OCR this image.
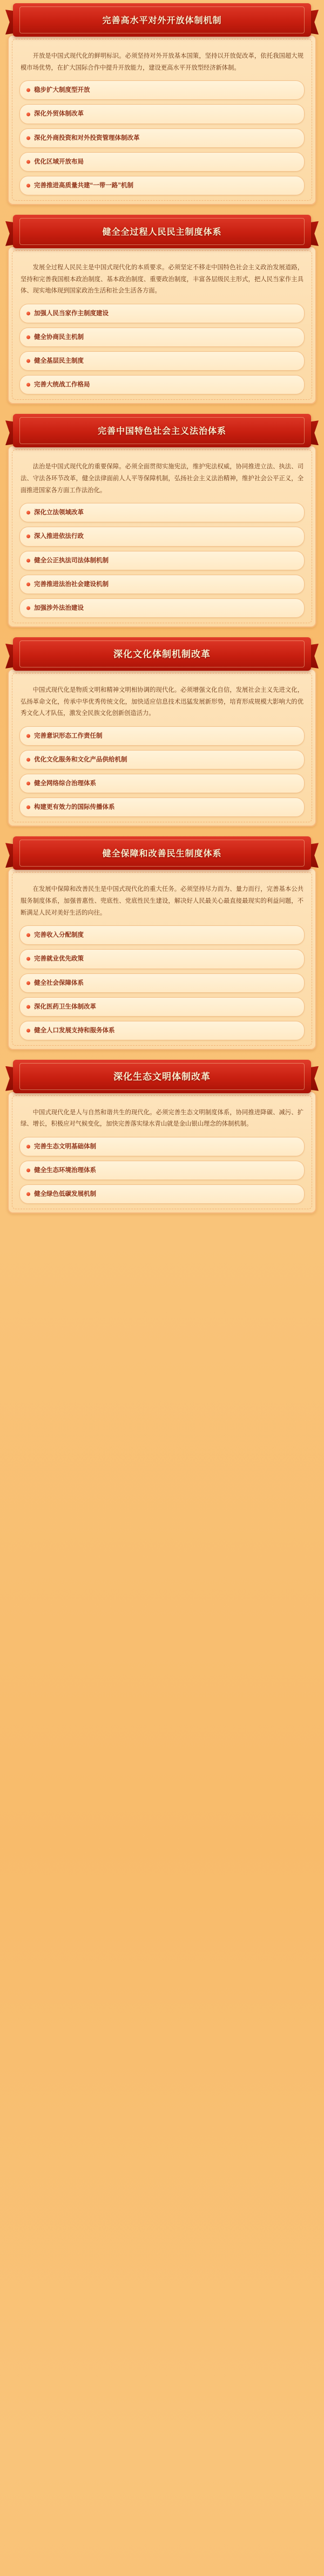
完善高水平对外开放体制机制

开放是中国式现代化的鲜明标识。必须坚持对外开放基本国策，坚持以开放促改革，依托我国超大规模市场优势，在扩大国际合作中提升开放能力，建设更高水平开放型经济新体制。

稳步扩大制度型开放
深化外贸体制改革
深化外商投资和对外投资管理体制改革
优化区域开放布局
完善推进高质量共建“一带一路”机制
健全全过程人民民主制度体系

发展全过程人民民主是中国式现代化的本质要求。必须坚定不移走中国特色社会主义政治发展道路，坚持和完善我国根本政治制度、基本政治制度、重要政治制度，丰富各层级民主形式，把人民当家作主具体、现实地体现到国家政治生活和社会生活各方面。

加强人民当家作主制度建设
健全协商民主机制
健全基层民主制度
完善大统战工作格局
完善中国特色社会主义法治体系

法治是中国式现代化的重要保障。必须全面贯彻实施宪法，维护宪法权威，协同推进立法、执法、司法、守法各环节改革，健全法律面前人人平等保障机制，弘扬社会主义法治精神，维护社会公平正义，全面推进国家各方面工作法治化。

深化立法领域改革
深入推进依法行政
健全公正执法司法体制机制
完善推进法治社会建设机制
加强涉外法治建设
深化文化体制机制改革

中国式现代化是物质文明和精神文明相协调的现代化。必须增强文化自信，发展社会主义先进文化，弘扬革命文化，传承中华优秀传统文化，加快适应信息技术迅猛发展新形势，培育形成规模大影响大的优秀文化人才队伍，激发全民族文化创新创造活力。

完善意识形态工作责任制
优化文化服务和文化产品供给机制
健全网络综合治理体系
构建更有效力的国际传播体系
健全保障和改善民生制度体系

在发展中保障和改善民生是中国式现代化的重大任务。必须坚持尽力而为、量力而行，完善基本公共服务制度体系，加强普惠性、兜底性、党底性民生建设，解决好人民最关心最直接最现实的利益问题，不断满足人民对美好生活的向往。

完善收入分配制度
完善就业优先政策
健全社会保障体系
深化医药卫生体制改革
健全人口发展支持和服务体系
深化生态文明体制改革

中国式现代化是人与自然和谐共生的现代化。必须完善生态文明制度体系，协同推进降碳、减污、扩绿、增长，积极应对气候变化，加快完善落实绿水青山就是金山银山理念的体制机制。

完善生态文明基础体制
健全生态环境治理体系
健全绿色低碳发展机制
